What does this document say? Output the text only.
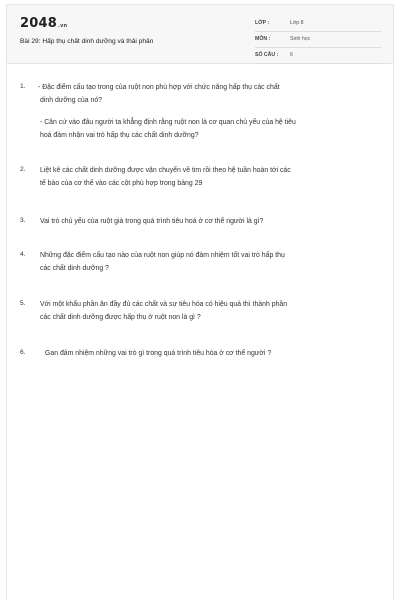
2048.vn
Bài 29: Hấp thụ chất dinh dưỡng và thải phân
LỚP :	Lớp 8
MÔN :	Sinh học
SỐ CÂU : 6
1. - Đặc điểm cấu tạo trong của ruột non phù hợp với chức năng hấp thụ các chất
dinh dưỡng của nó?
- Căn cứ vào đâu người ta khẳng định rằng ruột non là cơ quan chủ yếu của hệ tiêu
hoá đảm nhận vai trò hấp thụ các chất dinh dưỡng?
2. Liệt kê các chất dinh dưỡng được vận chuyển về tim rồi theo hệ tuần hoàn tới các
tế bào của cơ thể vào các cột phù hợp trong bảng 29
3. Vai trò chủ yếu của ruột già trong quá trình tiêu hoá ở cơ thể người là gì?
4. Những đặc điểm cấu tạo nào của ruột non giúp nó đảm nhiệm tốt vai trò hấp thụ
các chất dinh dưỡng ?
5. Với một khẩu phần ăn đầy đủ các chất và sự tiêu hóa có hiệu quả thì thành phần
các chất dinh dưỡng được hấp thụ ở ruột non là gì ?
6.	Gan đảm nhiệm những vai trò gì trong quá trình tiêu hóa ở cơ thể người ?
